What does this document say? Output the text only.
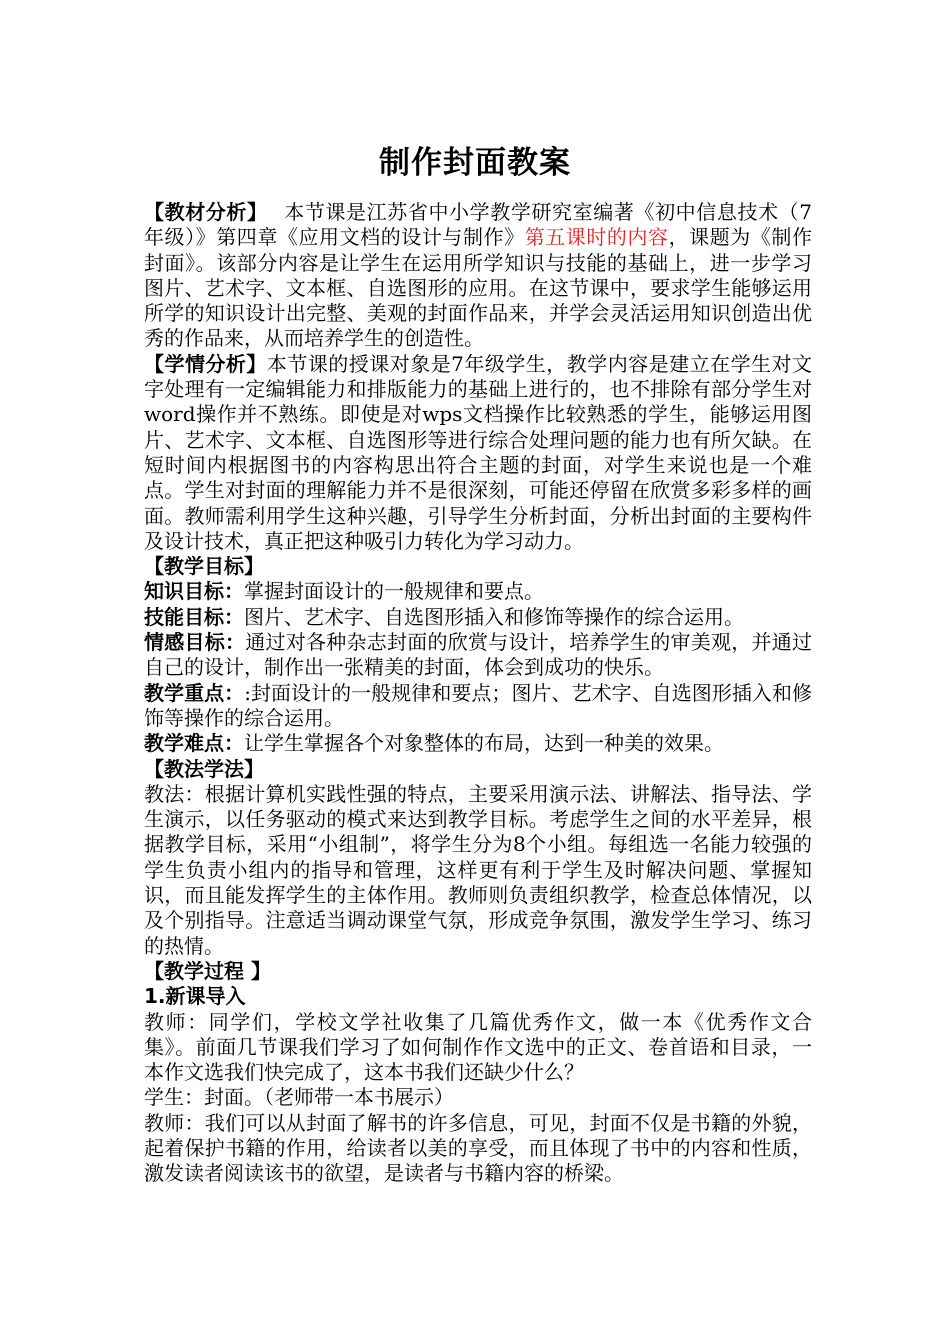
制作封面教案

【教材分析】 本节课是江苏省中小学教学研究室编著《初中信息技术（7年级）》第四章《应用文档的设计与制作》第五课时的内容，课题为《制作封面》。该部分内容是让学生在运用所学知识与技能的基础上，进一步学习图片、艺术字、文本框、自选图形的应用。在这节课中，要求学生能够运用所学的知识设计出完整、美观的封面作品来，并学会灵活运用知识创造出优秀的作品来，从而培养学生的创造性。

【学情分析】本节课的授课对象是7年级学生，教学内容是建立在学生对文字处理有一定编辑能力和排版能力的基础上进行的，也不排除有部分学生对word操作并不熟练。即使是对wps文档操作比较熟悉的学生，能够运用图片、艺术字、文本框、自选图形等进行综合处理问题的能力也有所欠缺。在短时间内根据图书的内容构思出符合主题的封面，对学生来说也是一个难点。学生对封面的理解能力并不是很深刻，可能还停留在欣赏多彩多样的画面。教师需利用学生这种兴趣，引导学生分析封面，分析出封面的主要构件及设计技术，真正把这种吸引力转化为学习动力。

【教学目标】

知识目标：掌握封面设计的一般规律和要点。

技能目标：图片、艺术字、自选图形插入和修饰等操作的综合运用。

情感目标：通过对各种杂志封面的欣赏与设计，培养学生的审美观，并通过自己的设计，制作出一张精美的封面，体会到成功的快乐。

教学重点：:封面设计的一般规律和要点；图片、艺术字、自选图形插入和修饰等操作的综合运用。

教学难点：让学生掌握各个对象整体的布局，达到一种美的效果。

【教法学法】

教法：根据计算机实践性强的特点，主要采用演示法、讲解法、指导法、学生演示，以任务驱动的模式来达到教学目标。考虑学生之间的水平差异，根据教学目标，采用“小组制”，将学生分为8个小组。每组选一名能力较强的学生负责小组内的指导和管理，这样更有利于学生及时解决问题、掌握知识，而且能发挥学生的主体作用。教师则负责组织教学，检查总体情况，以及个别指导。注意适当调动课堂气氛，形成竞争氛围，激发学生学习、练习的热情。

【教学过程 】

1.新课导入

教师：同学们，学校文学社收集了几篇优秀作文，做一本《优秀作文合集》。前面几节课我们学习了如何制作作文选中的正文、卷首语和目录，一本作文选我们快完成了，这本书我们还缺少什么？

学生：封面。（老师带一本书展示）

教师：我们可以从封面了解书的许多信息，可见，封面不仅是书籍的外貌，起着保护书籍的作用，给读者以美的享受，而且体现了书中的内容和性质，激发读者阅读该书的欲望，是读者与书籍内容的桥梁。
